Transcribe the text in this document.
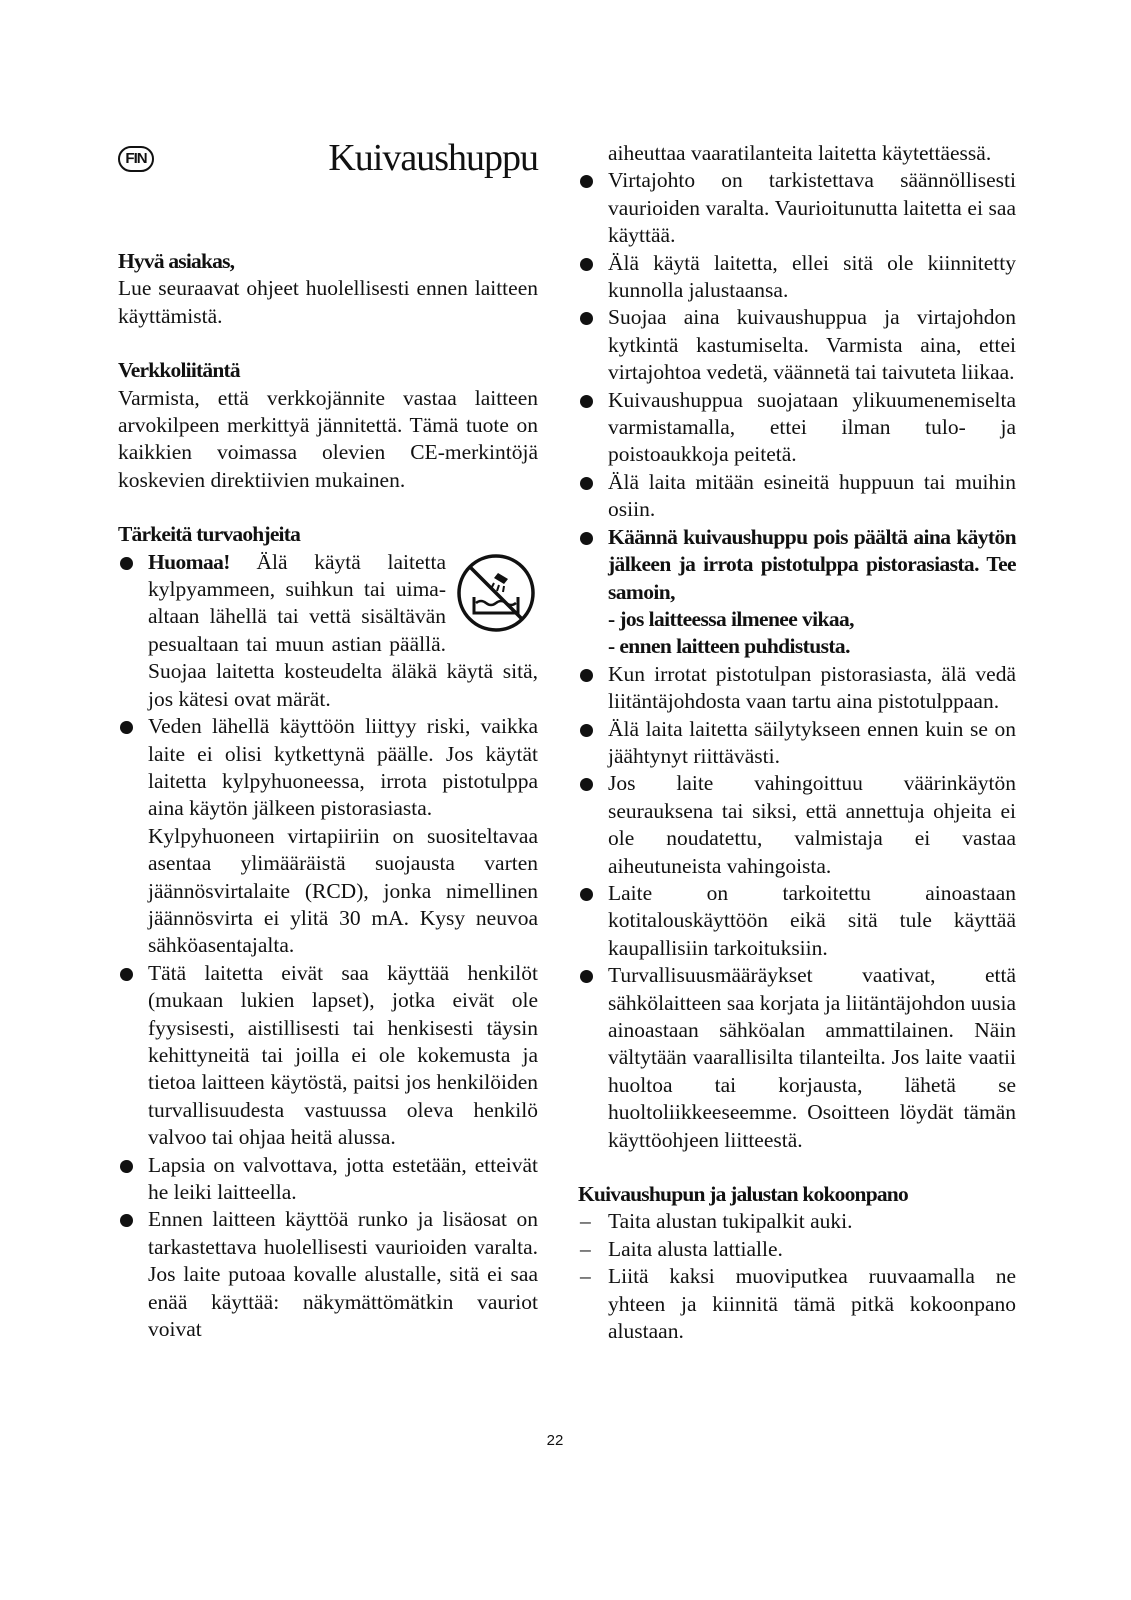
FIN	Kuivaushuppu

Hyvä asiakas,

Lue seuraavat ohjeet huolellisesti ennen laitteen käyttämistä.

Verkkoliitäntä

Varmista, että verkkojännite vastaa laitteen arvokilpeen merkittyä jännitettä. Tämä tuote on kaikkien voimassa olevien CE-merkintöjä koskevien direktiivien mukainen.

Tärkeitä turvaohjeita

Huomaa! Älä käytä laitetta kylpyammeen, suihkun tai uima-altaan lähellä tai vettä sisältävän pesualtaan tai muun astian päällä. Suojaa laitetta kosteudelta äläkä käytä sitä, jos kätesi ovat märät.
Veden lähellä käyttöön liittyy riski, vaikka laite ei olisi kytkettynä päälle. Jos käytät laitetta kylpyhuoneessa, irrota pistotulppa aina käytön jälkeen pistorasiasta.
Kylpyhuoneen virtapiiriin on suositeltavaa asentaa ylimääräistä suojausta varten jäännösvirtalaite (RCD), jonka nimellinen jäännösvirta ei ylitä 30 mA. Kysy neuvoa sähköasentajalta.
Tätä laitetta eivät saa käyttää henkilöt (mukaan lukien lapset), jotka eivät ole fyysisesti, aistillisesti tai henkisesti täysin kehittyneitä tai joilla ei ole kokemusta ja tietoa laitteen käytöstä, paitsi jos henkilöiden turvallisuudesta vastuussa oleva henkilö valvoo tai ohjaa heitä alussa.
Lapsia on valvottava, jotta estetään, etteivät he leiki laitteella.
Ennen laitteen käyttöä runko ja lisäosat on tarkastettava huolellisesti vaurioiden varalta. Jos laite putoaa kovalle alustalle, sitä ei saa enää käyttää: näkymättömätkin vauriot voivat

aiheuttaa vaaratilanteita laitetta käytettäessä.

Virtajohto on tarkistettava säännöllisesti vaurioiden varalta. Vaurioitunutta laitetta ei saa käyttää.
Älä käytä laitetta, ellei sitä ole kiinnitetty kunnolla jalustaansa.
Suojaa aina kuivaushuppua ja virtajohdon kytkintä kastumiselta. Varmista aina, ettei virtajohtoa vedetä, väännetä tai taivuteta liikaa.
Kuivaushuppua suojataan ylikuumenemiselta varmistamalla, ettei ilman tulo- ja poistoaukkoja peitetä.
Älä laita mitään esineitä huppuun tai muihin osiin.
Käännä kuivaushuppu pois päältä aina käytön jälkeen ja irrota pistotulppa pistorasiasta. Tee samoin,
- jos laitteessa ilmenee vikaa,
- ennen laitteen puhdistusta.
Kun irrotat pistotulpan pistorasiasta, älä vedä liitäntäjohdosta vaan tartu aina pistotulppaan.
Älä laita laitetta säilytykseen ennen kuin se on jäähtynyt riittävästi.
Jos laite vahingoittuu väärinkäytön seurauksena tai siksi, että annettuja ohjeita ei ole noudatettu, valmistaja ei vastaa aiheutuneista vahingoista.
Laite on tarkoitettu ainoastaan kotitalouskäyttöön eikä sitä tule käyttää kaupallisiin tarkoituksiin.
Turvallisuusmääräykset vaativat, että sähkölaitteen saa korjata ja liitäntäjohdon uusia ainoastaan sähköalan ammattilainen. Näin vältytään vaarallisilta tilanteilta. Jos laite vaatii huoltoa tai korjausta, lähetä se huoltoliikkeeseemme. Osoitteen löydät tämän käyttöohjeen liitteestä.

Kuivaushupun ja jalustan kokoonpano

– Taita alustan tukipalkit auki.
– Laita alusta lattialle.
– Liitä kaksi muoviputkea ruuvaamalla ne yhteen ja kiinnitä tämä pitkä kokoonpano alustaan.
22
